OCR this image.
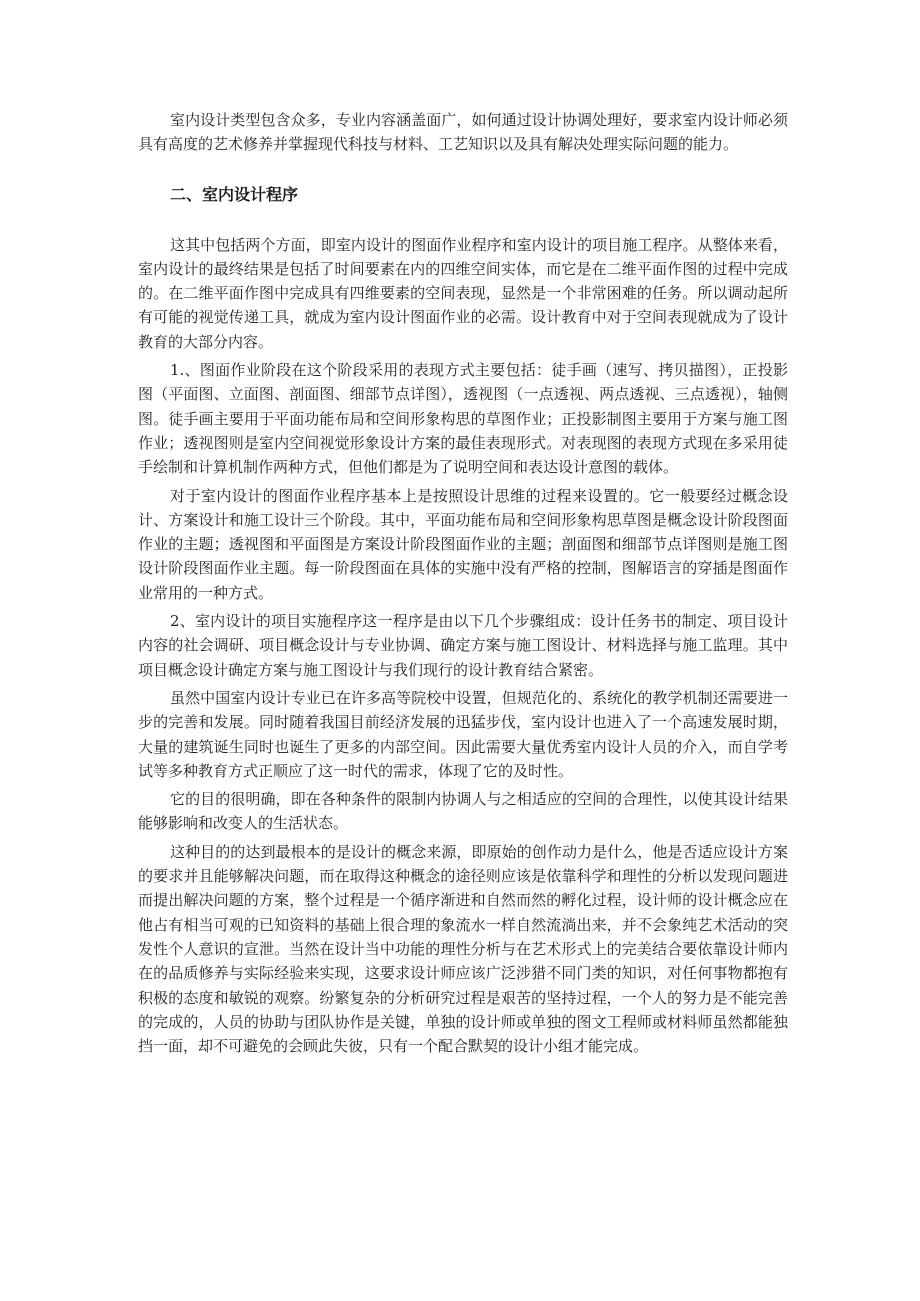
室内设计类型包含众多，专业内容涵盖面广，如何通过设计协调处理好，要求室内设计师必须具有高度的艺术修养并掌握现代科技与材料、工艺知识以及具有解决处理实际问题的能力。

二、室内设计程序

这其中包括两个方面，即室内设计的图面作业程序和室内设计的项目施工程序。从整体来看，室内设计的最终结果是包括了时间要素在内的四维空间实体，而它是在二维平面作图的过程中完成的。在二维平面作图中完成具有四维要素的空间表现，显然是一个非常困难的任务。所以调动起所有可能的视觉传递工具，就成为室内设计图面作业的必需。设计教育中对于空间表现就成为了设计教育的大部分内容。

1.、图面作业阶段在这个阶段采用的表现方式主要包括：徒手画（速写、拷贝描图），正投影图（平面图、立面图、剖面图、细部节点详图），透视图（一点透视、两点透视、三点透视），轴侧图。徒手画主要用于平面功能布局和空间形象构思的草图作业；正投影制图主要用于方案与施工图作业；透视图则是室内空间视觉形象设计方案的最佳表现形式。对表现图的表现方式现在多采用徒手绘制和计算机制作两种方式，但他们都是为了说明空间和表达设计意图的载体。

对于室内设计的图面作业程序基本上是按照设计思维的过程来设置的。它一般要经过概念设计、方案设计和施工设计三个阶段。其中，平面功能布局和空间形象构思草图是概念设计阶段图面作业的主题；透视图和平面图是方案设计阶段图面作业的主题；剖面图和细部节点详图则是施工图设计阶段图面作业主题。每一阶段图面在具体的实施中没有严格的控制，图解语言的穿插是图面作业常用的一种方式。

2、室内设计的项目实施程序这一程序是由以下几个步骤组成：设计任务书的制定、项目设计内容的社会调研、项目概念设计与专业协调、确定方案与施工图设计、材料选择与施工监理。其中项目概念设计确定方案与施工图设计与我们现行的设计教育结合紧密。

虽然中国室内设计专业已在许多高等院校中设置，但规范化的、系统化的教学机制还需要进一步的完善和发展。同时随着我国目前经济发展的迅猛步伐，室内设计也进入了一个高速发展时期，大量的建筑诞生同时也诞生了更多的内部空间。因此需要大量优秀室内设计人员的介入，而自学考试等多种教育方式正顺应了这一时代的需求，体现了它的及时性。

它的目的很明确，即在各种条件的限制内协调人与之相适应的空间的合理性，以使其设计结果能够影响和改变人的生活状态。

这种目的的达到最根本的是设计的概念来源，即原始的创作动力是什么，他是否适应设计方案的要求并且能够解决问题，而在取得这种概念的途径则应该是依靠科学和理性的分析以发现问题进而提出解决问题的方案，整个过程是一个循序渐进和自然而然的孵化过程，设计师的设计概念应在他占有相当可观的已知资料的基础上很合理的象流水一样自然流淌出来，并不会象纯艺术活动的突发性个人意识的宣泄。当然在设计当中功能的理性分析与在艺术形式上的完美结合要依靠设计师内在的品质修养与实际经验来实现，这要求设计师应该广泛涉猎不同门类的知识，对任何事物都抱有积极的态度和敏锐的观察。纷繁复杂的分析研究过程是艰苦的坚持过程，一个人的努力是不能完善的完成的，人员的协助与团队协作是关键，单独的设计师或单独的图文工程师或材料师虽然都能独挡一面，却不可避免的会顾此失彼，只有一个配合默契的设计小组才能完成。
